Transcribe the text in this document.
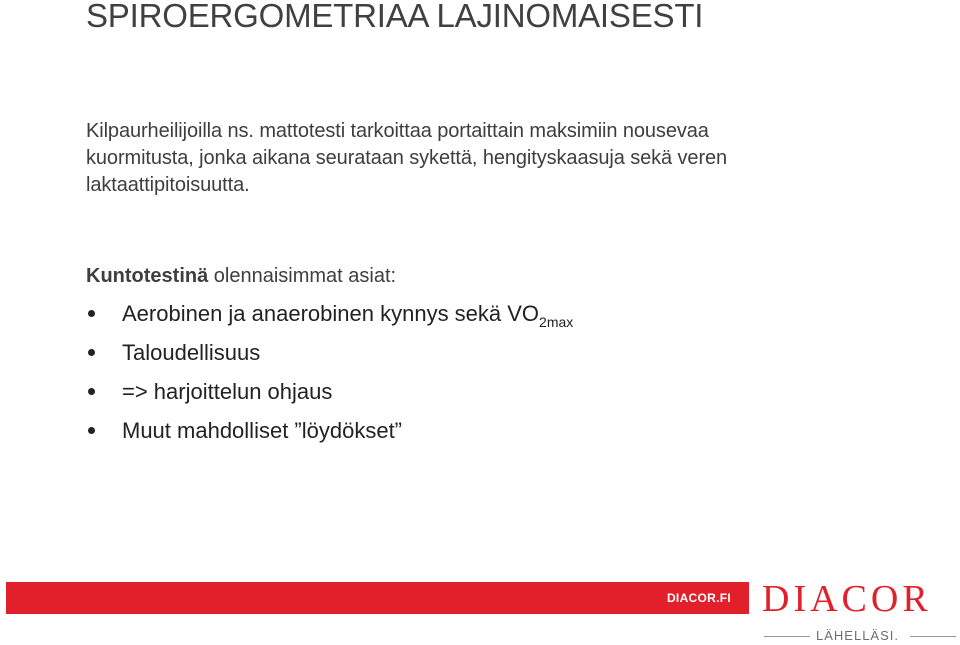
SPIROERGOMETRIAA LAJINOMAISESTI
Kilpaurheilijoilla ns. mattotesti tarkoittaa portaittain maksimiin nousevaa
kuormitusta, jonka aikana seurataan sykettä, hengityskaasuja sekä veren
laktaattipitoisuutta.
Kuntotestinä olennaisimmat asiat:
Aerobinen ja anaerobinen kynnys sekä $VO_{2max}$
Taloudellisuus
=> harjoittelun ohjaus
Muut mahdolliset ”löydökset”
DIACOR.FI DIACOR
LÄHELLÄSI.
